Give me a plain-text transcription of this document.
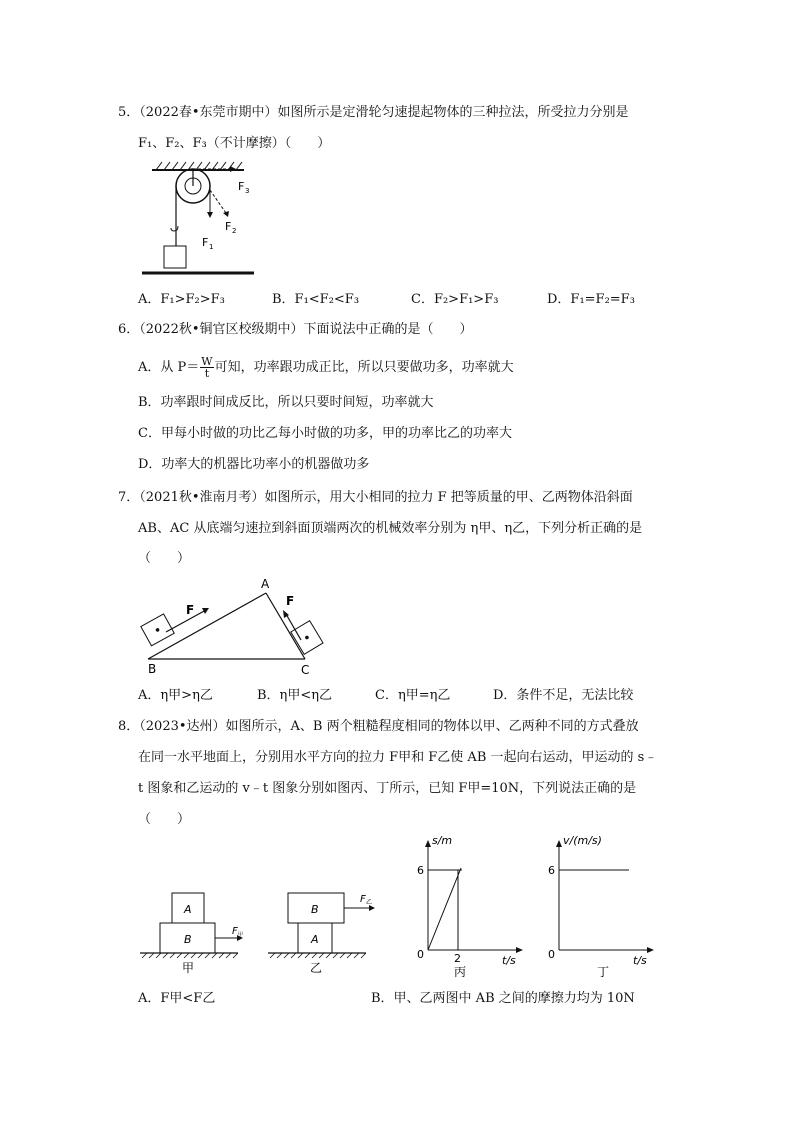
5．（2022春•东莞市期中）如图所示是定滑轮匀速提起物体的三种拉法，所受拉力分别是
F₁、F₂、F₃（不计摩擦）（　　）
F 1
F 2
F 3
A．F₁>F₂>F₃	B．F₁<F₂<F₃	C．F₂>F₁>F₃	D．F₁=F₂=F₃
6．（2022秋•铜官区校级期中）下面说法中正确的是（　　）
A．从 $P= \frac{W}{t}$ 可知，功率跟功成正比，所以只要做功多，功率就大
B．功率跟时间成反比，所以只要时间短，功率就大
C．甲每小时做的功比乙每小时做的功多，甲的功率比乙的功率大
D．功率大的机器比功率小的机器做功多
7．（2021秋•淮南月考）如图所示，用大小相同的拉力 F 把等质量的甲、乙两物体沿斜面
AB、AC 从底端匀速拉到斜面顶端两次的机械效率分别为 η甲、η乙，下列分析正确的是
（　　）
A
B	C
F
F
A．η甲>η乙	B．η甲<η乙	C．η甲=η乙	D．条件不足，无法比较
8．（2023•达州）如图所示，A、B 两个粗糙程度相同的物体以甲、乙两种不同的方式叠放
在同一水平地面上，分别用水平方向的拉力 F甲和 F乙使 AB 一起向右运动，甲运动的 s﹣
t 图象和乙运动的 v﹣t 图象分别如图丙、丁所示，已知 F甲=10N，下列说法正确的是
（　　）
A
B
F 甲
甲
B
A
F 乙
乙
s/m
6
2
0	t/s
丙
v/(m/s)
6
0	t/s
丁
A．F甲<F乙	B．甲、乙两图中 AB 之间的摩擦力均为 10N
